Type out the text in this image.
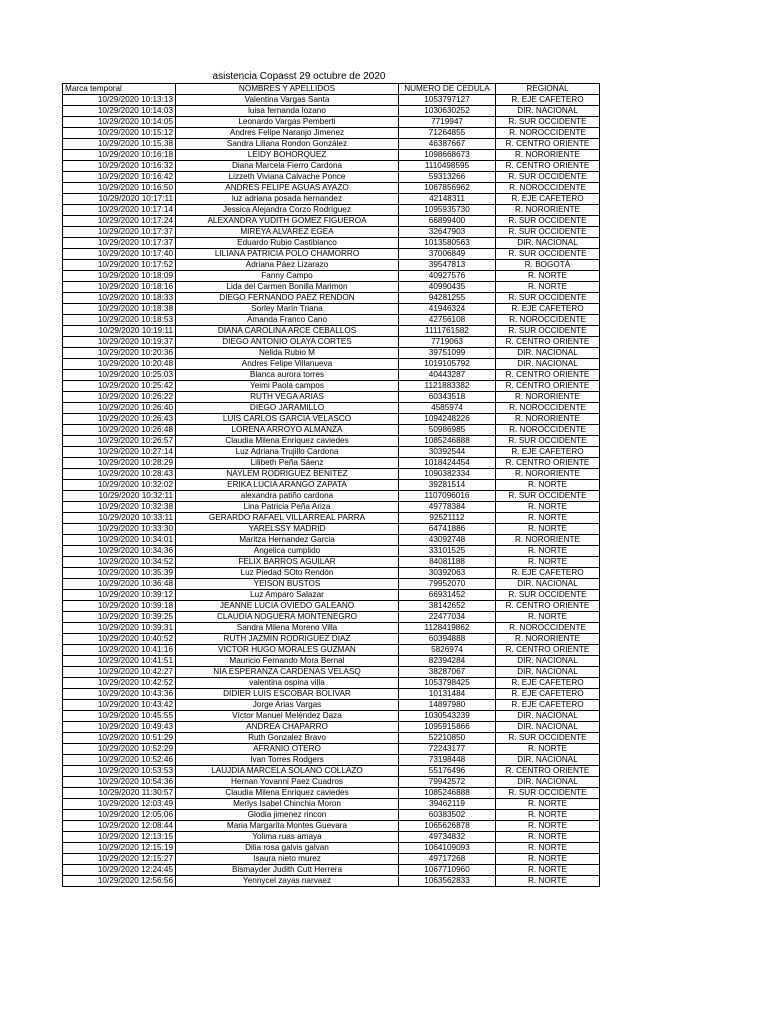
asistencia Copasst 29 octubre de 2020
Marca temporal	NOMBRES Y APELLIDOS	NUMERO DE CEDULA	REGIONAL
10/29/2020 10:13:13	Valentina Vargas Santa	1053797127	R. EJE CAFETERO
10/29/2020 10:14:03	luisa fernanda lozano	1030630252	DIR. NACIONAL
10/29/2020 10:14:05	Leonardo Vargas Pemberti	7719947	R. SUR OCCIDENTE
10/29/2020 10:15:12	Andres Felipe Naranjo Jimenez	71264855	R. NOROCCIDENTE
10/29/2020 10:15:38	Sandra Liliana Rondon González	46387667	R. CENTRO ORIENTE
10/29/2020 10:16:18	LEIDY BOHORQUEZ	1098668673	R. NORORIENTE
10/29/2020 10:16:32	Diana Marcela Fierro Cardona	1110498595	R. CENTRO ORIENTE
10/29/2020 10:16:42	Lizzeth Viviana Calvache Ponce	59313266	R. SUR OCCIDENTE
10/29/2020 10:16:50	ANDRES FELIPE AGUAS AYAZO	1067856962	R. NOROCCIDENTE
10/29/2020 10:17:11	luz adriana posada hernandez	42148311	R. EJE CAFETERO
10/29/2020 10:17:14	Jessica Alejandra Corzo Rodríguez	1095935730	R. NORORIENTE
10/29/2020 10:17:24	ALEXANDRA YUDITH GOMEZ FIGUEROA	66899400	R. SUR OCCIDENTE
10/29/2020 10:17:37	MIREYA ALVAREZ EGEA	32647903	R. SUR OCCIDENTE
10/29/2020 10:17:37	Eduardo Rubio Castiblanco	1013580563	DIR. NACIONAL
10/29/2020 10:17:40	LILIANA PATRICIA POLO CHAMORRO	37006849	R. SUR OCCIDENTE
10/29/2020 10:17:52	Adriana Páez Lizarazo	39547813	R. BOGOTÁ
10/29/2020 10:18:09	Fanny Campo	40927576	R. NORTE
10/29/2020 10:18:16	Lida del Carmen Bonilla Marimon	40990435	R. NORTE
10/29/2020 10:18:33	DIEGO FERNANDO PAEZ RENDON	94281255	R. SUR OCCIDENTE
10/29/2020 10:18:38	Sorley Marín Triana	41946324	R. EJE CAFETERO
10/29/2020 10:18:53	Amanda Franco Cano	42756108	R. NOROCCIDENTE
10/29/2020 10:19:11	DIANA CAROLINA ARCE CEBALLOS	1111761582	R. SUR OCCIDENTE
10/29/2020 10:19:37	DIEGO ANTONIO OLAYA CORTES	7719063	R. CENTRO ORIENTE
10/29/2020 10:20:36	Nelida Rubio M	39751099	DIR. NACIONAL
10/29/2020 10:20:48	Andres Felipe Villanueva	1019105792	DIR. NACIONAL
10/29/2020 10:25:03	Blanca aurora torres	40443287	R. CENTRO ORIENTE
10/29/2020 10:25:42	Yeimi Paola campos	1121883382	R. CENTRO ORIENTE
10/29/2020 10:26:22	RUTH VEGA ARIAS	60343518	R. NORORIENTE
10/29/2020 10:26:40	DIEGO JARAMILLO	4585974	R. NOROCCIDENTE
10/29/2020 10:26:43	LUIS CARLOS GARCIA VELASCO	1094248226	R. NORORIENTE
10/29/2020 10:26:48	LORENA ARROYO ALMANZA	50986985	R. NOROCCIDENTE
10/29/2020 10:26:57	Claudia Milena Enriquez caviedes	1085246888	R. SUR OCCIDENTE
10/29/2020 10:27:14	Luz Adriana Trujillo Cardona	30392544	R. EJE CAFETERO
10/29/2020 10:28:29	Lilibeth Peña Sáenz	1018424454	R. CENTRO ORIENTE
10/29/2020 10:28:43	NAYLEM RODRIGUEZ BENITEZ	1090382334	R. NORORIENTE
10/29/2020 10:32:02	ERIKA LUCIA ARANGO ZAPATA	39281514	R. NORTE
10/29/2020 10:32:11	alexandra patiño cardona	1107096016	R. SUR OCCIDENTE
10/29/2020 10:32:38	Lina Patricia Peña Ariza	49778384	R. NORTE
10/29/2020 10:33:11	GERARDO RAFAEL VILLARREAL PARRA	92521112	R. NORTE
10/29/2020 10:33:30	YARELSSY MADRID	64741886	R. NORTE
10/29/2020 10:34:01	Maritza Hernandez Garcia	43092748	R. NORORIENTE
10/29/2020 10:34:36	Angelica cumplido	33101525	R. NORTE
10/29/2020 10:34:52	FELIX BARROS AGUILAR	84081188	R. NORTE
10/29/2020 10:35:39	Luz Piedad SOto Rendón	30392063	R. EJE CAFETERO
10/29/2020 10:36:48	YEISON BUSTOS	79952070	DIR. NACIONAL
10/29/2020 10:39:12	Luz Amparo Salazar	66931452	R. SUR OCCIDENTE
10/29/2020 10:39:18	JEANNE LUCIA OVIEDO GALEANO	38142652	R. CENTRO ORIENTE
10/29/2020 10:39:25	CLAUDIA NOGUERA MONTENEGRO	22477034	R. NORTE
10/29/2020 10:39:31	Sandra Milena Moreno Villa	1128419862	R. NOROCCIDENTE
10/29/2020 10:40:52	RUTH JAZMIN RODRIGUEZ DIAZ	60394888	R. NORORIENTE
10/29/2020 10:41:16	VICTOR HUGO MORALES GUZMAN	5826974	R. CENTRO ORIENTE
10/29/2020 10:41:51	Mauricio Fernando Mora Bernal	82394284	DIR. NACIONAL
10/29/2020 10:42:27	NIA ESPERANZA CARDENAS VELASQ	38287067	DIR. NACIONAL
10/29/2020 10:42:52	valentina ospina villa	1053798425	R. EJE CAFETERO
10/29/2020 10:43:36	DIDIER LUIS ESCOBAR BOLIVAR	10131484	R. EJE CAFETERO
10/29/2020 10:43:42	Jorge Arias Vargas	14897980	R. EJE CAFETERO
10/29/2020 10:45:55	Víctor Manuel Meléndez Daza	1030543239	DIR. NACIONAL
10/29/2020 10:49:43	ANDREA CHAPARRO	1095915866	DIR. NACIONAL
10/29/2020 10:51:29	Ruth Gonzalez Bravo	52210850	R. SUR OCCIDENTE
10/29/2020 10:52:29	AFRANIO OTERO	72243177	R. NORTE
10/29/2020 10:52:46	Ivan Torres Rodgers	73198448	DIR. NACIONAL
10/29/2020 10:53:53	LAUJDIA MARCELA SOLANO COLLAZO	55176496	R. CENTRO ORIENTE
10/29/2020 10:54:36	Hernan Yovanni Paez Cuadros	79942572	DIR. NACIONAL
10/29/2020 11:30:57	Claudia Milena Enriquez caviedes	1085246888	R. SUR OCCIDENTE
10/29/2020 12:03:49	Merlys Isabel Chinchia Moron	39462119	R. NORTE
10/29/2020 12:05:06	Glodia jimenez rincon	60383502	R. NORTE
10/29/2020 12:08:44	Maria Margarita Montes Guevara	1065626878	R. NORTE
10/29/2020 12:13:15	Yolima ruas amaya	49734832	R. NORTE
10/29/2020 12:15:19	Dilia rosa galvis galvan	1064109093	R. NORTE
10/29/2020 12:15:27	Isaura nieto murez	49717268	R. NORTE
10/29/2020 12:24:45	Bismayder Judith Cutt Herrera	1067710960	R. NORTE
10/29/2020 12:56:56	Yennycel zayas narvaez	1063562833	R. NORTE
